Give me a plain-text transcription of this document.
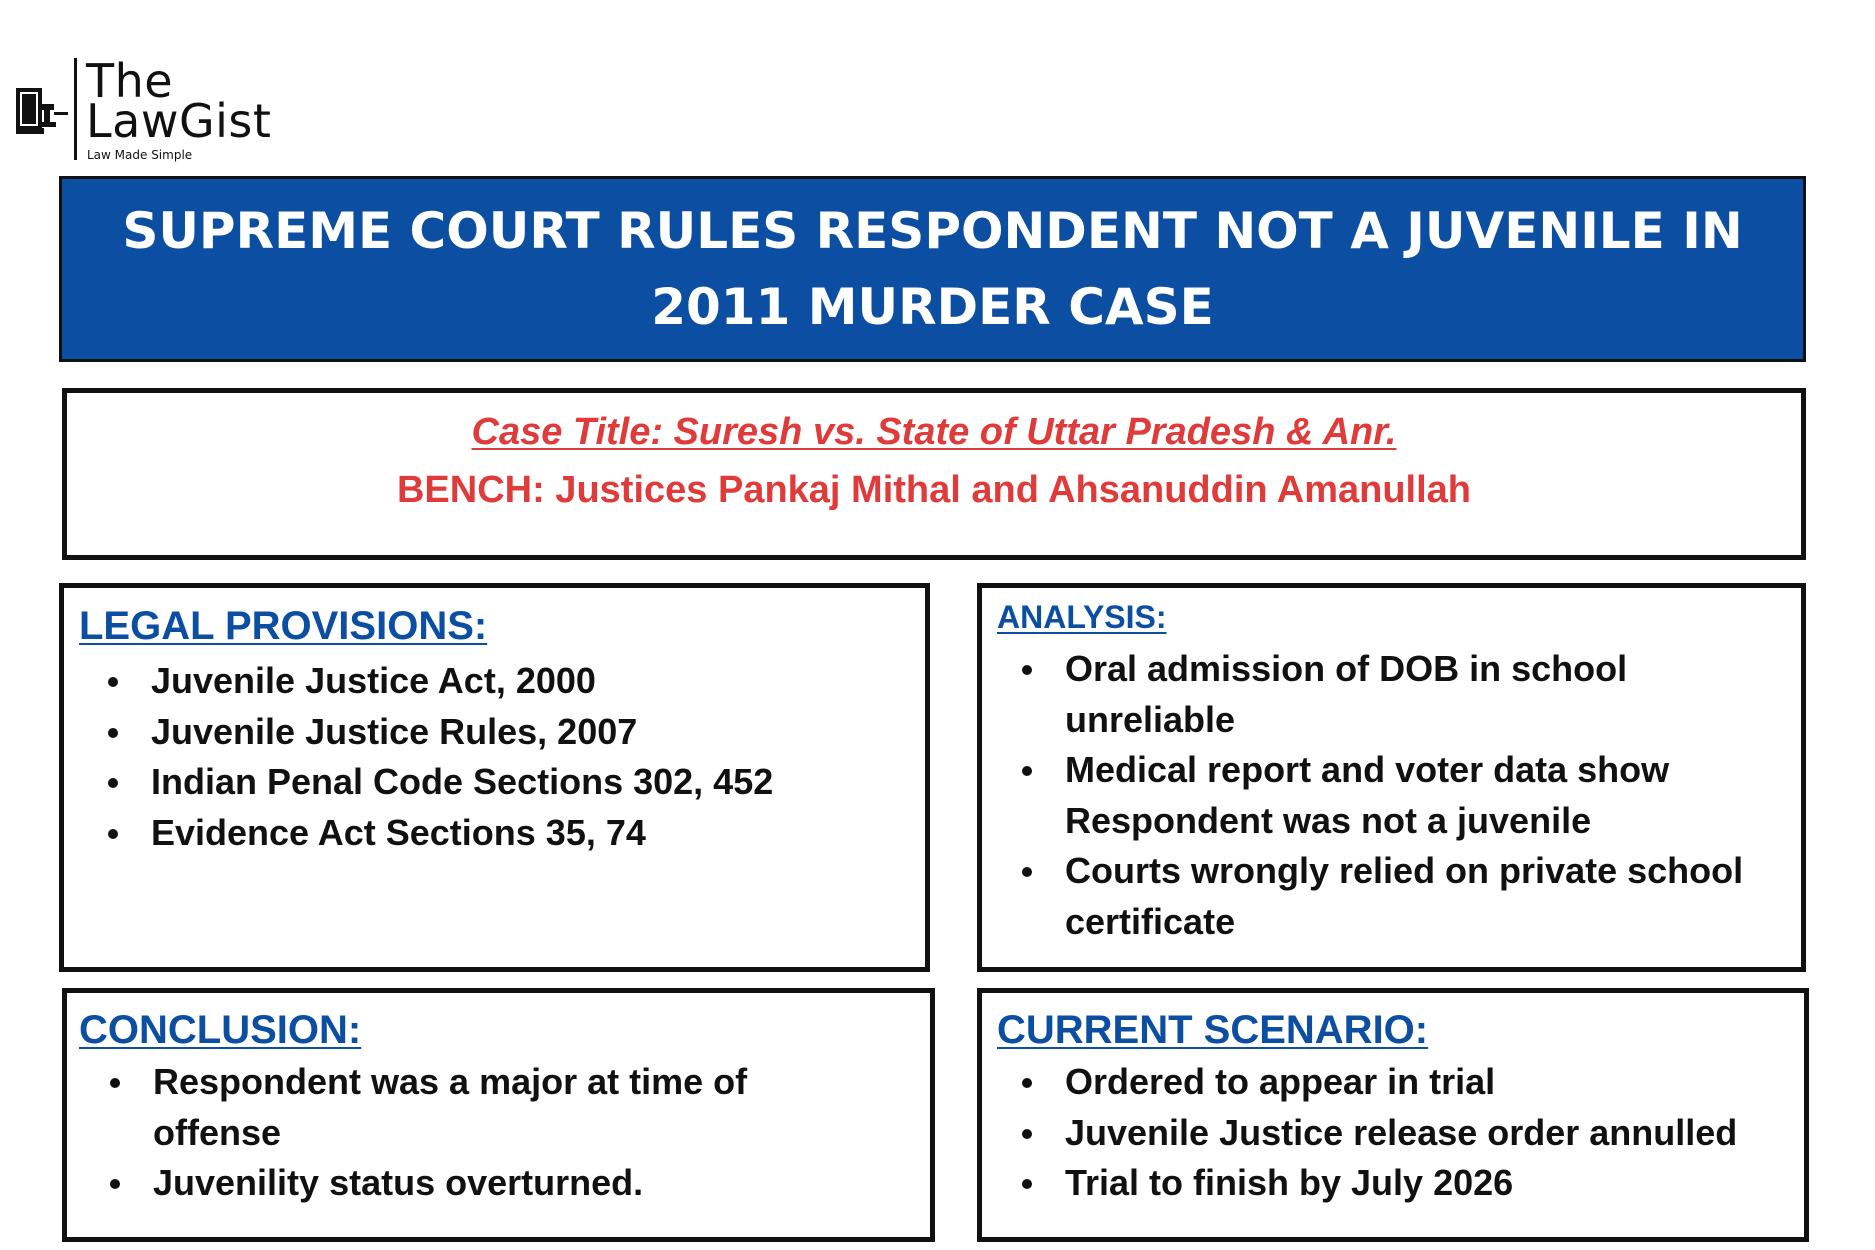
The
LawGist
Law Made Simple
SUPREME COURT RULES RESPONDENT NOT A JUVENILE IN 2011 MURDER CASE
Case Title: Suresh vs. State of Uttar Pradesh & Anr.
BENCH: Justices Pankaj Mithal and Ahsanuddin Amanullah
LEGAL PROVISIONS:
Juvenile Justice Act, 2000
Juvenile Justice Rules, 2007
Indian Penal Code Sections 302, 452
Evidence Act Sections 35, 74
ANALYSIS:
Oral admission of DOB in school unreliable
Medical report and voter data show Respondent was not a juvenile
Courts wrongly relied on private school certificate
CONCLUSION:
Respondent was a major at time of offense
Juvenility status overturned.
CURRENT SCENARIO:
Ordered to appear in trial
Juvenile Justice release order annulled
Trial to finish by July 2026
